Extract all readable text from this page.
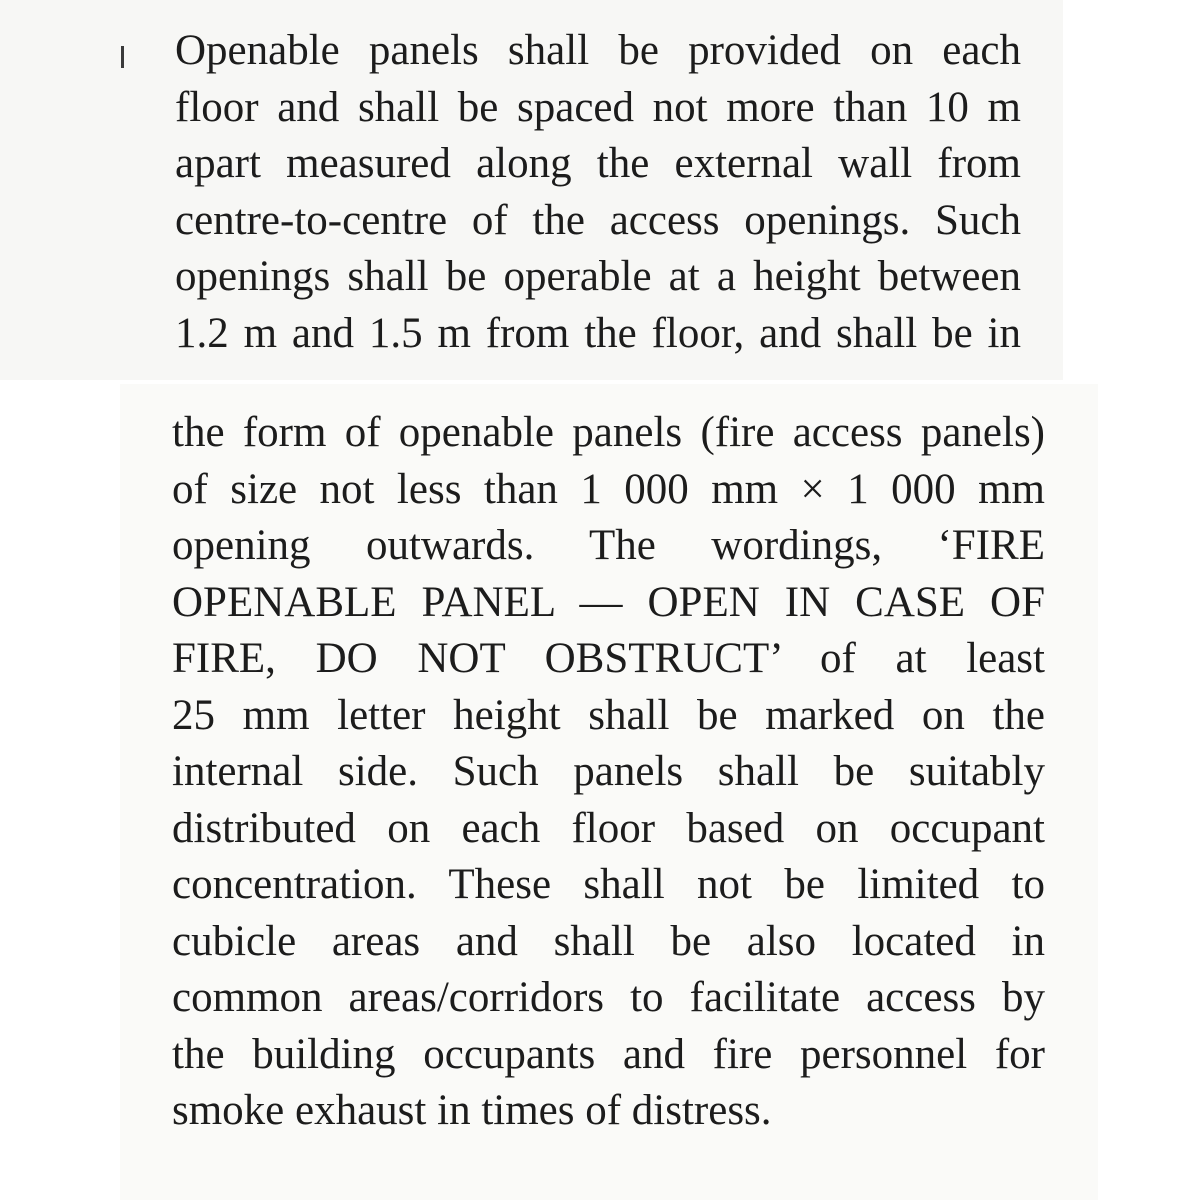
Openable panels shall be provided on each
floor and shall be spaced not more than 10 m
apart measured along the external wall from
centre-to-centre of the access openings. Such
openings shall be operable at a height between
1.2 m and 1.5 m from the floor, and shall be in

the form of openable panels (fire access panels)
of size not less than 1 000 mm × 1 000 mm
opening outwards. The wordings, ‘FIRE
OPENABLE PANEL — OPEN IN CASE OF
FIRE, DO NOT OBSTRUCT’ of at least
25 mm letter height shall be marked on the
internal side. Such panels shall be suitably
distributed on each floor based on occupant
concentration. These shall not be limited to
cubicle areas and shall be also located in
common areas/corridors to facilitate access by
the building occupants and fire personnel for
smoke exhaust in times of distress.
